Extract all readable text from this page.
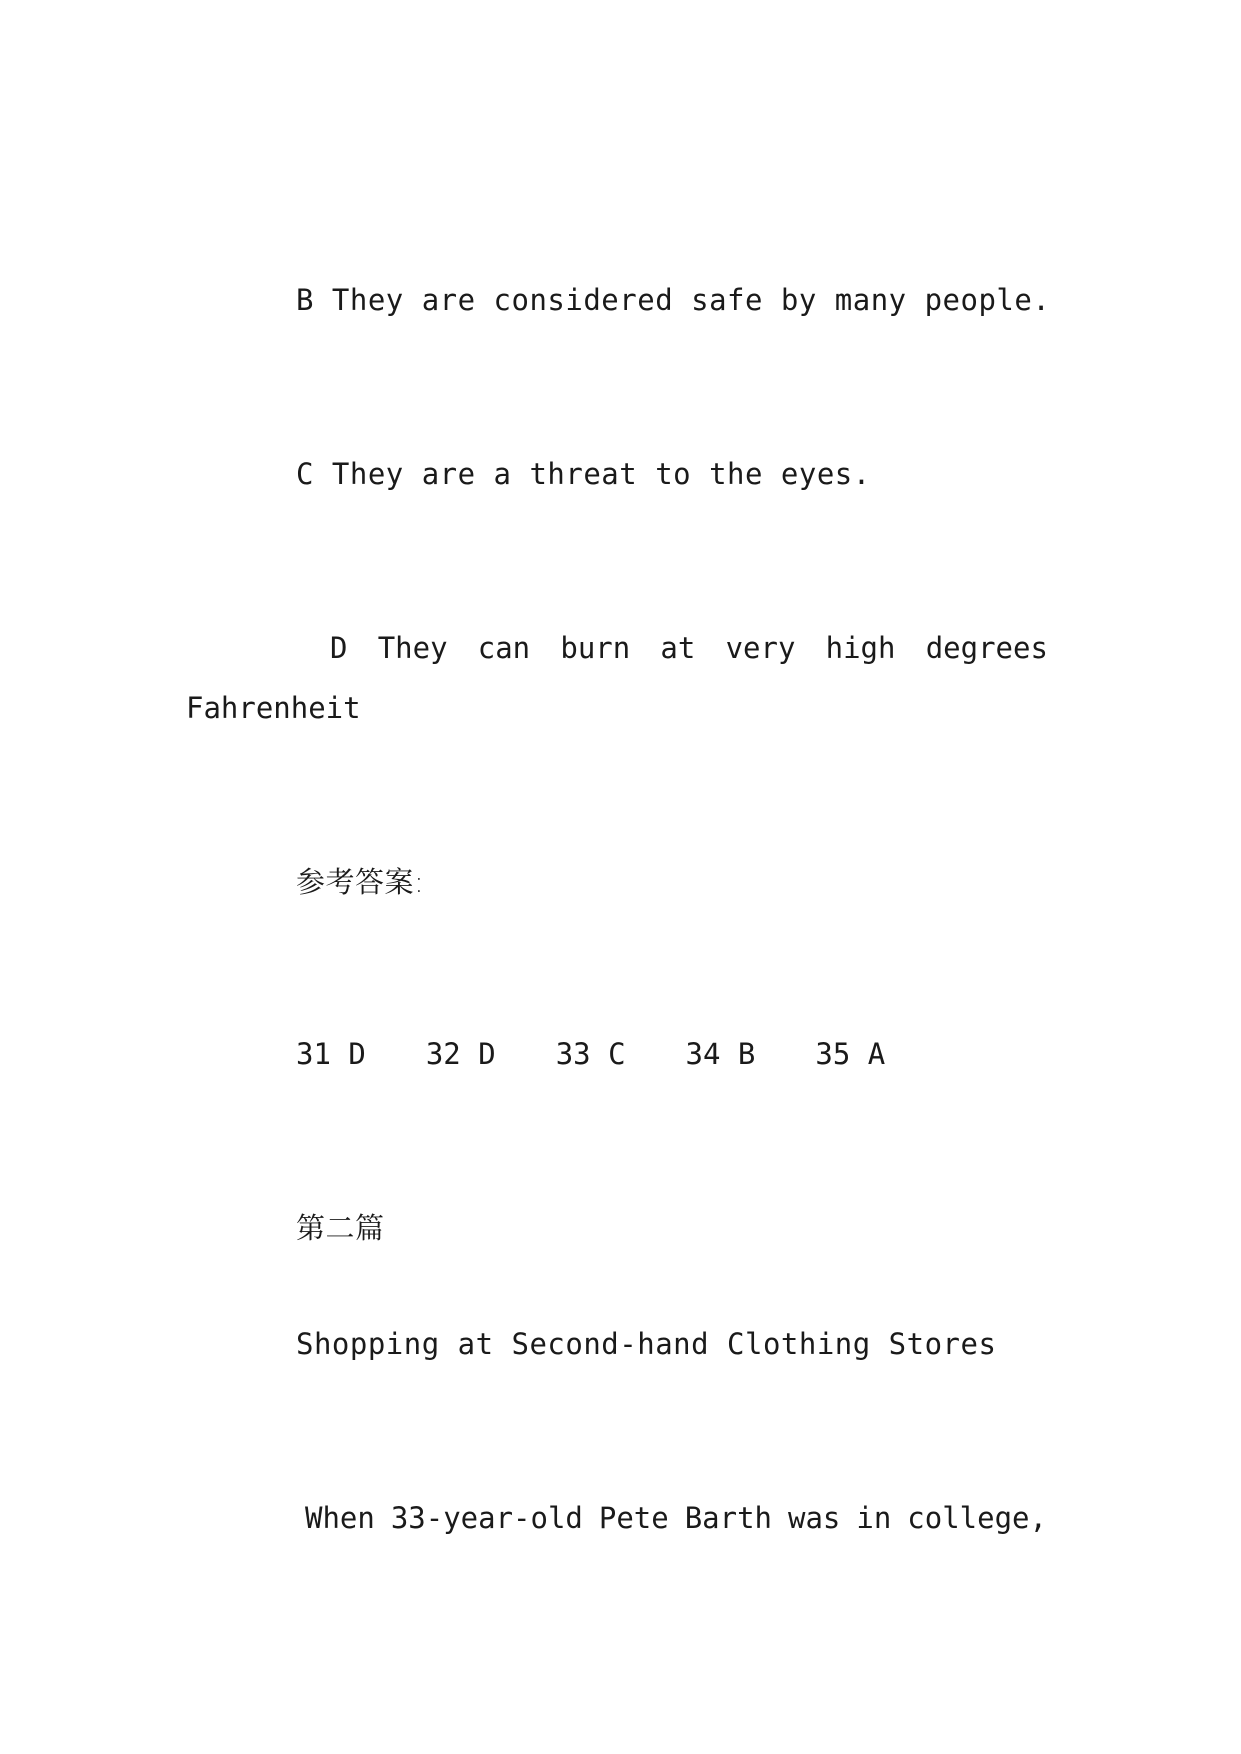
B They are considered safe by many people.
C They are a threat to the eyes.
D They can burn at very high degrees
Fahrenheit
参考答案:
31 D 32 D 33 C 34 B 35 A
第二篇
Shopping at Second-hand Clothing Stores
When 33-year-old Pete Barth was in college,
